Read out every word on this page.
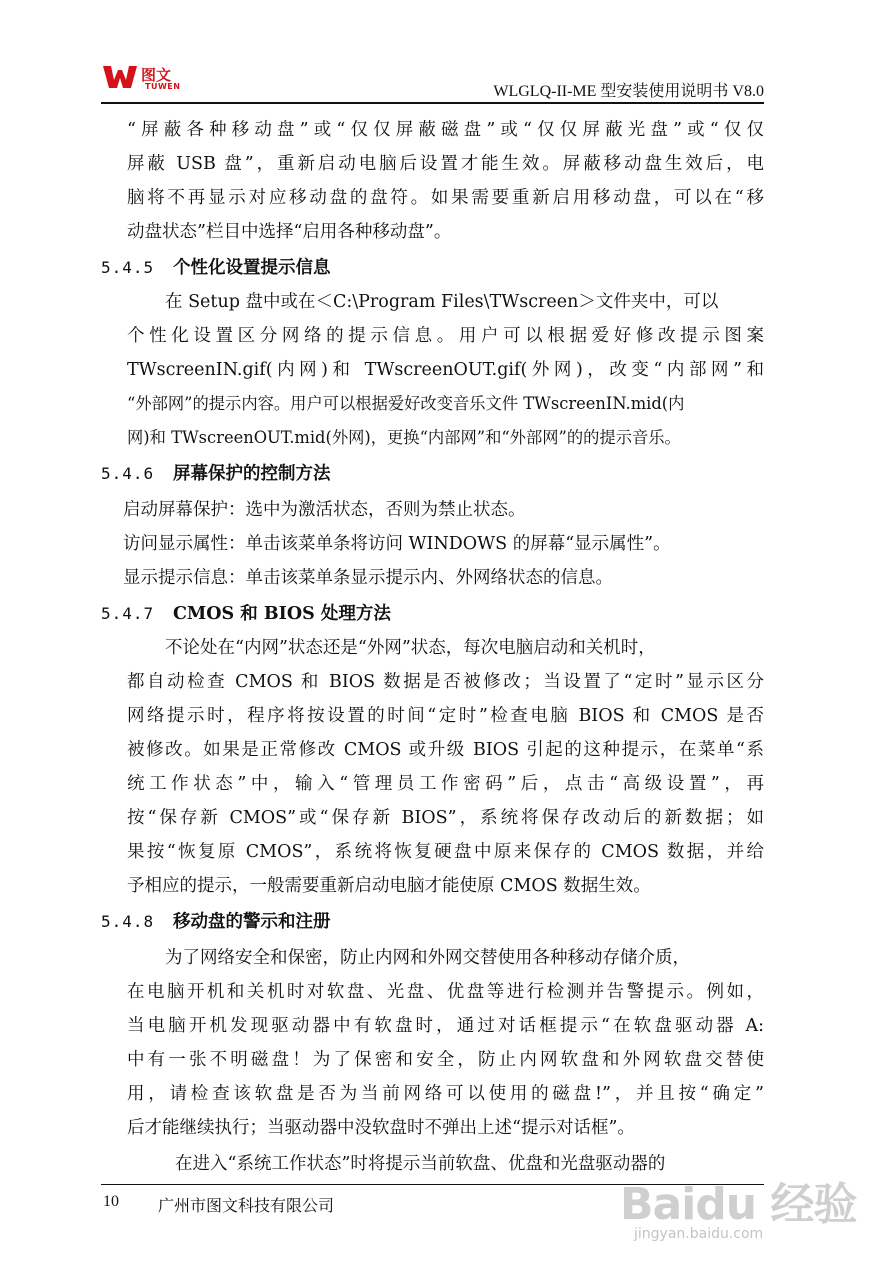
图文
TUWEN	WLGLQ-II-ME 型安装使用说明书 V8.0
“屏蔽各种移动盘”或“仅仅屏蔽磁盘”或“仅仅屏蔽光盘”或“仅仅
屏蔽 USB 盘”，重新启动电脑后设置才能生效。屏蔽移动盘生效后，电
脑将不再显示对应移动盘的盘符。如果需要重新启用移动盘，可以在“移
动盘状态”栏目中选择“启用各种移动盘”。
5.4.5 个性化设置提示信息
在 Setup 盘中或在＜C:\Program Files\TWscreen＞文件夹中，可以
个性化设置区分网络的提示信息。用户可以根据爱好修改提示图案
TWscreenIN.gif(内网)和 TWscreenOUT.gif(外网)，改变“内部网”和
“外部网”的提示内容。用户可以根据爱好改变音乐文件 TWscreenIN.mid(内
网)和 TWscreenOUT.mid(外网)，更换“内部网”和“外部网”的的提示音乐。
5.4.6 屏幕保护的控制方法
启动屏幕保护：选中为激活状态，否则为禁止状态。
访问显示属性：单击该菜单条将访问 WINDOWS 的屏幕“显示属性”。
显示提示信息：单击该菜单条显示提示内、外网络状态的信息。
5.4.7 CMOS 和 BIOS 处理方法
不论处在“内网”状态还是“外网”状态，每次电脑启动和关机时，
都自动检查 CMOS 和 BIOS 数据是否被修改；当设置了“定时”显示区分
网络提示时，程序将按设置的时间“定时”检查电脑 BIOS 和 CMOS 是否
被修改。如果是正常修改 CMOS 或升级 BIOS 引起的这种提示，在菜单“系
统工作状态”中，输入“管理员工作密码”后，点击“高级设置”，再
按“保存新 CMOS”或“保存新 BIOS”，系统将保存改动后的新数据；如
果按“恢复原 CMOS”，系统将恢复硬盘中原来保存的 CMOS 数据，并给
予相应的提示，一般需要重新启动电脑才能使原 CMOS 数据生效。
5.4.8 移动盘的警示和注册
为了网络安全和保密，防止内网和外网交替使用各种移动存储介质，
在电脑开机和关机时对软盘、光盘、优盘等进行检测并告警提示。例如，
当电脑开机发现驱动器中有软盘时，通过对话框提示“在软盘驱动器 A:
中有一张不明磁盘！为了保密和安全，防止内网软盘和外网软盘交替使
用，请检查该软盘是否为当前网络可以使用的磁盘!”，并且按“确定”
后才能继续执行；当驱动器中没软盘时不弹出上述“提示对话框”。
在进入“系统工作状态”时将提示当前软盘、优盘和光盘驱动器的
10 广州市图文科技有限公司	Baidu 经验
jingyan.baidu.com
